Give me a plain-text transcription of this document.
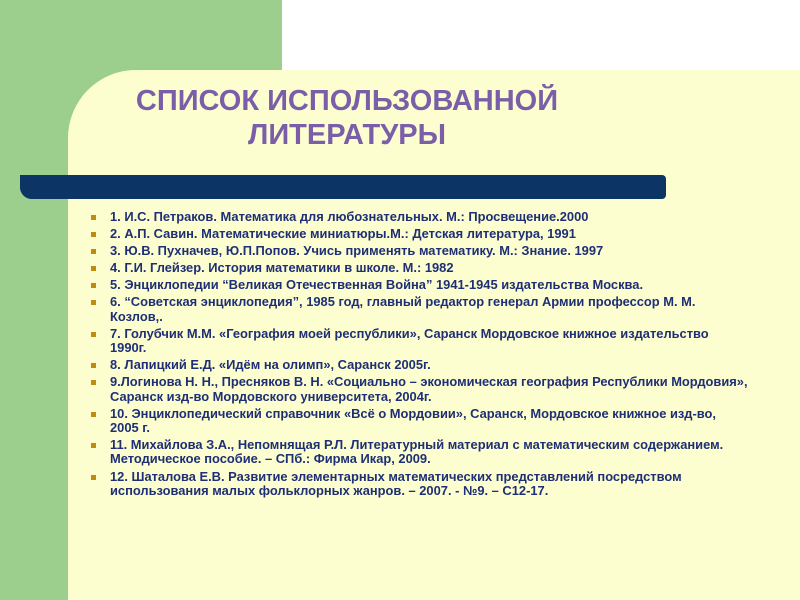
СПИСОК ИСПОЛЬЗОВАННОЙ
ЛИТЕРАТУРЫ
1. И.С. Петраков. Математика для любознательных. М.: Просвещение.2000
2. А.П. Савин. Математические миниатюры.М.: Детская литература, 1991
3. Ю.В. Пухначев, Ю.П.Попов. Учись применять математику. М.: Знание. 1997
4. Г.И. Глейзер. История математики в школе. М.: 1982
5. Энциклопедии “Великая Отечественная Война” 1941-1945 издательства Москва.
6. “Советская энциклопедия”, 1985 год, главный редактор генерал Армии профессор М. М. Козлов,.
7. Голубчик М.М. «География моей республики», Саранск Мордовское книжное издательство 1990г.
8. Лапицкий Е.Д. «Идём на олимп», Саранск 2005г.
9.Логинова Н. Н., Пресняков В. Н. «Социально – экономическая география Республики Мордовия», Саранск изд-во Мордовского университета, 2004г.
10. Энциклопедический справочник «Всё о Мордовии», Саранск, Мордовское книжное изд-во, 2005 г.
11. Михайлова З.А., Непомнящая Р.Л. Литературный материал с математическим содержанием. Методическое пособие. – СПб.: Фирма Икар, 2009.
12. Шаталова Е.В. Развитие элементарных математических представлений посредством использования малых фольклорных жанров. – 2007. - №9. – С12-17.
